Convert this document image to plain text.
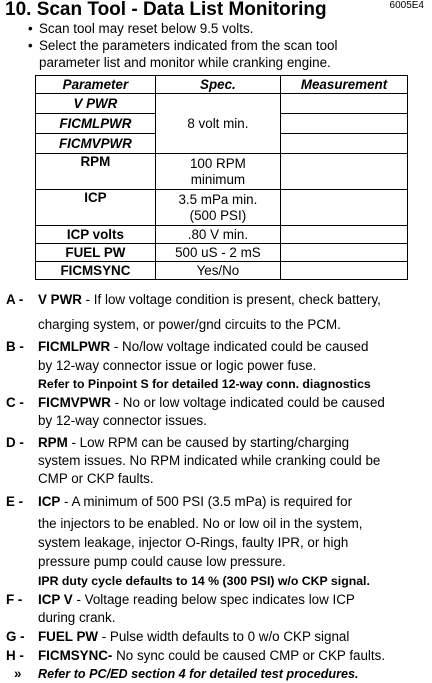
6005E4
10. Scan Tool - Data List Monitoring
• Scan tool may reset below 9.5 volts.
• Select the parameters indicated from the scan tool
parameter list and monitor while cranking engine.
Parameter	Spec.	Measurement
V PWR	8 volt min.	
FICMLPWR		
FICMVPWR		
RPM	100 RPM
minimum	

ICP	3.5 mPa min.
(500 PSI)	

ICP volts	.80 V min.	
FUEL PW	500 uS - 2 mS	
FICMSYNC	Yes/No	
A - V PWR - If low voltage condition is present, check battery,

charging system, or power/gnd circuits to the PCM.

B - FICMLPWR - No/low voltage indicated could be caused

by 12-way connector issue or logic power fuse.

Refer to Pinpoint S for detailed 12-way conn. diagnostics

C - FICMVPWR - No or low voltage indicated could be caused

by 12-way connector issues.

D - RPM - Low RPM can be caused by starting/charging

system issues. No RPM indicated while cranking could be

CMP or CKP faults.

E - ICP - A minimum of 500 PSI (3.5 mPa) is required for

the injectors to be enabled. No or low oil in the system,

system leakage, injector O-Rings, faulty IPR, or high

pressure pump could cause low pressure.

IPR duty cycle defaults to 14 % (300 PSI) w/o CKP signal.

F - ICP V - Voltage reading below spec indicates low ICP

during crank.

G - FUEL PW - Pulse width defaults to 0 w/o CKP signal

H - FICMSYNC- No sync could be caused CMP or CKP faults.

» Refer to PC/ED section 4 for detailed test procedures.
